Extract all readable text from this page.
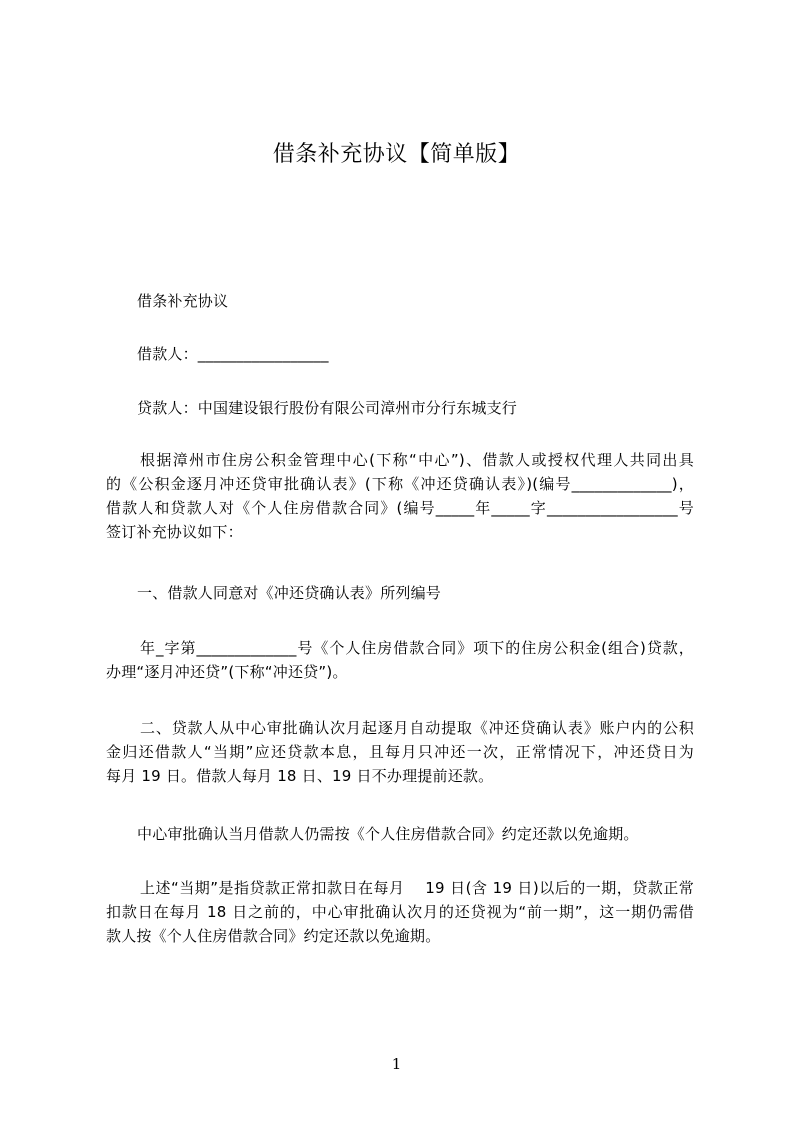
借条补充协议【简单版】
借条补充协议
借款人：_________________
贷款人：中国建设银行股份有限公司漳州市分行东城支行
根据漳州市住房公积金管理中心(下称“中心”)、借款人或授权代理人共同出具
的《公积金逐月冲还贷审批确认表》(下称《冲还贷确认表》)(编号_____________)，
借款人和贷款人对《个人住房借款合同》(编号_____年_____字_________________号
签订补充协议如下：
一、借款人同意对《冲还贷确认表》所列编号
年_字第_____________号《个人住房借款合同》项下的住房公积金(组合)贷款，
办理“逐月冲还贷”(下称“冲还贷”)。
二、贷款人从中心审批确认次月起逐月自动提取《冲还贷确认表》账户内的公积
金归还借款人“当期”应还贷款本息，且每月只冲还一次，正常情况下，冲还贷日为
每月 19 日。借款人每月 18 日、19 日不办理提前还款。
中心审批确认当月借款人仍需按《个人住房借款合同》约定还款以免逾期。
上述“当期”是指贷款正常扣款日在每月　 19 日(含 19 日)以后的一期，贷款正常
扣款日在每月 18 日之前的，中心审批确认次月的还贷视为“前一期”，这一期仍需借
款人按《个人住房借款合同》约定还款以免逾期。
1
